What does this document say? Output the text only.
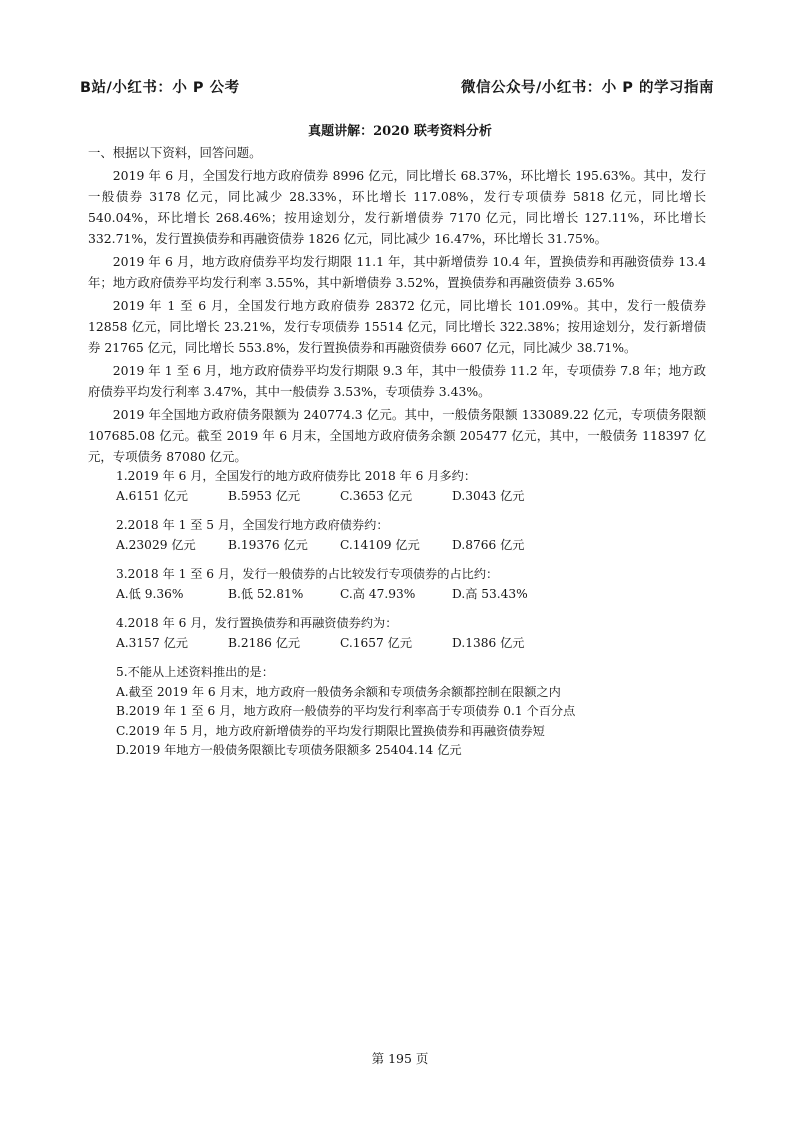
B站/小红书：小 P 公考	微信公众号/小红书：小 P 的学习指南
真题讲解：2020 联考资料分析

一、根据以下资料，回答问题。

2019 年 6 月，全国发行地方政府债券 8996 亿元，同比增长 68.37%，环比增长 195.63%。其中，发行一般债券 3178 亿元，同比减少 28.33%，环比增长 117.08%，发行专项债券 5818 亿元，同比增长 540.04%，环比增长 268.46%；按用途划分，发行新增债券 7170 亿元，同比增长 127.11%，环比增长 332.71%，发行置换债券和再融资债券 1826 亿元，同比减少 16.47%，环比增长 31.75%。

2019 年 6 月，地方政府债券平均发行期限 11.1 年，其中新增债券 10.4 年，置换债券和再融资债券 13.4 年；地方政府债券平均发行利率 3.55%，其中新增债券 3.52%，置换债券和再融资债券 3.65%

2019 年 1 至 6 月，全国发行地方政府债券 28372 亿元，同比增长 101.09%。其中，发行一般债券 12858 亿元，同比增长 23.21%，发行专项债券 15514 亿元，同比增长 322.38%；按用途划分，发行新增债券 21765 亿元，同比增长 553.8%，发行置换债券和再融资债券 6607 亿元，同比减少 38.71%。

2019 年 1 至 6 月，地方政府债券平均发行期限 9.3 年，其中一般债券 11.2 年，专项债券 7.8 年；地方政府债券平均发行利率 3.47%，其中一般债券 3.53%，专项债券 3.43%。

2019 年全国地方政府债务限额为 240774.3 亿元。其中，一般债务限额 133089.22 亿元，专项债务限额 107685.08 亿元。截至 2019 年 6 月末，全国地方政府债务余额 205477 亿元，其中，一般债务 118397 亿元，专项债务 87080 亿元。

1.2019 年 6 月，全国发行的地方政府债券比 2018 年 6 月多约：
A.6151 亿元	B.5953 亿元	C.3653 亿元	D.3043 亿元
2.2018 年 1 至 5 月，全国发行地方政府债券约：
A.23029 亿元	B.19376 亿元	C.14109 亿元	D.8766 亿元
3.2018 年 1 至 6 月，发行一般债券的占比较发行专项债券的占比约：
A.低 9.36%	B.低 52.81%	C.高 47.93%	D.高 53.43%
4.2018 年 6 月，发行置换债券和再融资债券约为：
A.3157 亿元	B.2186 亿元	C.1657 亿元	D.1386 亿元
5.不能从上述资料推出的是：
A.截至 2019 年 6 月末，地方政府一般债务余额和专项债务余额都控制在限额之内
B.2019 年 1 至 6 月，地方政府一般债券的平均发行利率高于专项债券 0.1 个百分点
C.2019 年 5 月，地方政府新增债券的平均发行期限比置换债券和再融资债券短
D.2019 年地方一般债务限额比专项债务限额多 25404.14 亿元
第 195 页
